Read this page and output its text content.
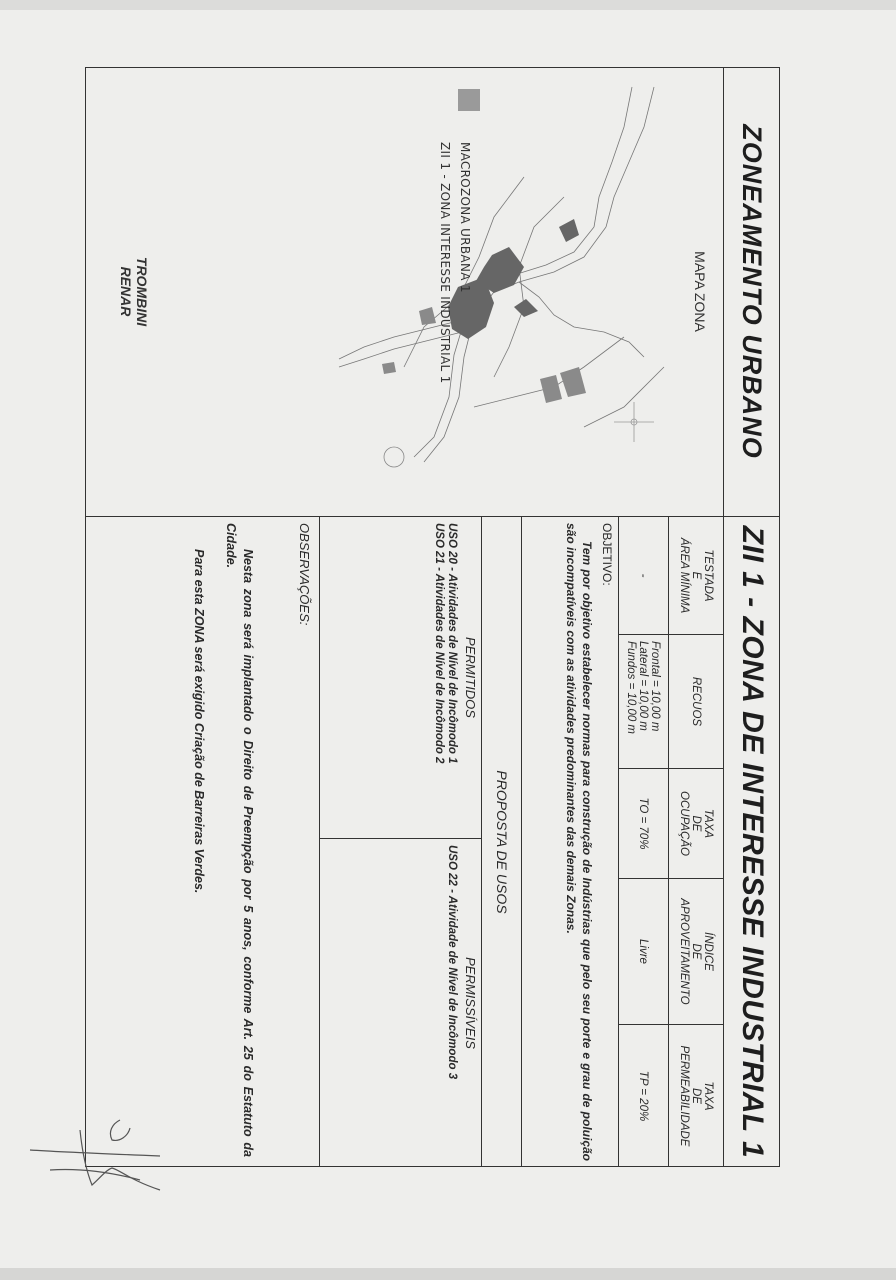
ZONEAMENTO URBANO
MAPA ZONA
MACROZONA URBANA 1
ZII 1 - ZONA INTERESSE INDUSTRIAL 1
TROMBINI
RENAR
ZII 1 - ZONA DE INTERESSE INDUSTRIAL 1
TESTADA
E
ÁREA MÍNIMA
RECUOS
TAXA
DE
OCUPAÇÃO
ÍNDICE
DE
APROVEITAMENTO
TAXA
DE
PERMEABILIDADE
-
Frontal = 10,00 m
Lateral = 10,00 m
Fundos = 10,00 m
TO = 70%
Livre
TP = 20%
OBJETIVO:
Tem por objetivo estabelecer normas para construção de Indústrias que pelo seu porte e grau de poluição são incompatíveis com as atividades predominantes das demais Zonas.
PROPOSTA DE USOS
PERMITIDOS
USO 20 - Atividades de Nível de Incômodo 1
USO 21 - Atividades de Nível de Incômodo 2
PERMISSÍVEIS
USO 22 - Atividade de Nível de Incômodo 3
OBSERVAÇÕES:
Nesta zona será implantado o Direito de Preempção por 5 anos, conforme Art. 25 do Estatuto da Cidade.
Para esta ZONA será exigido Criação de Barreiras Verdes.
